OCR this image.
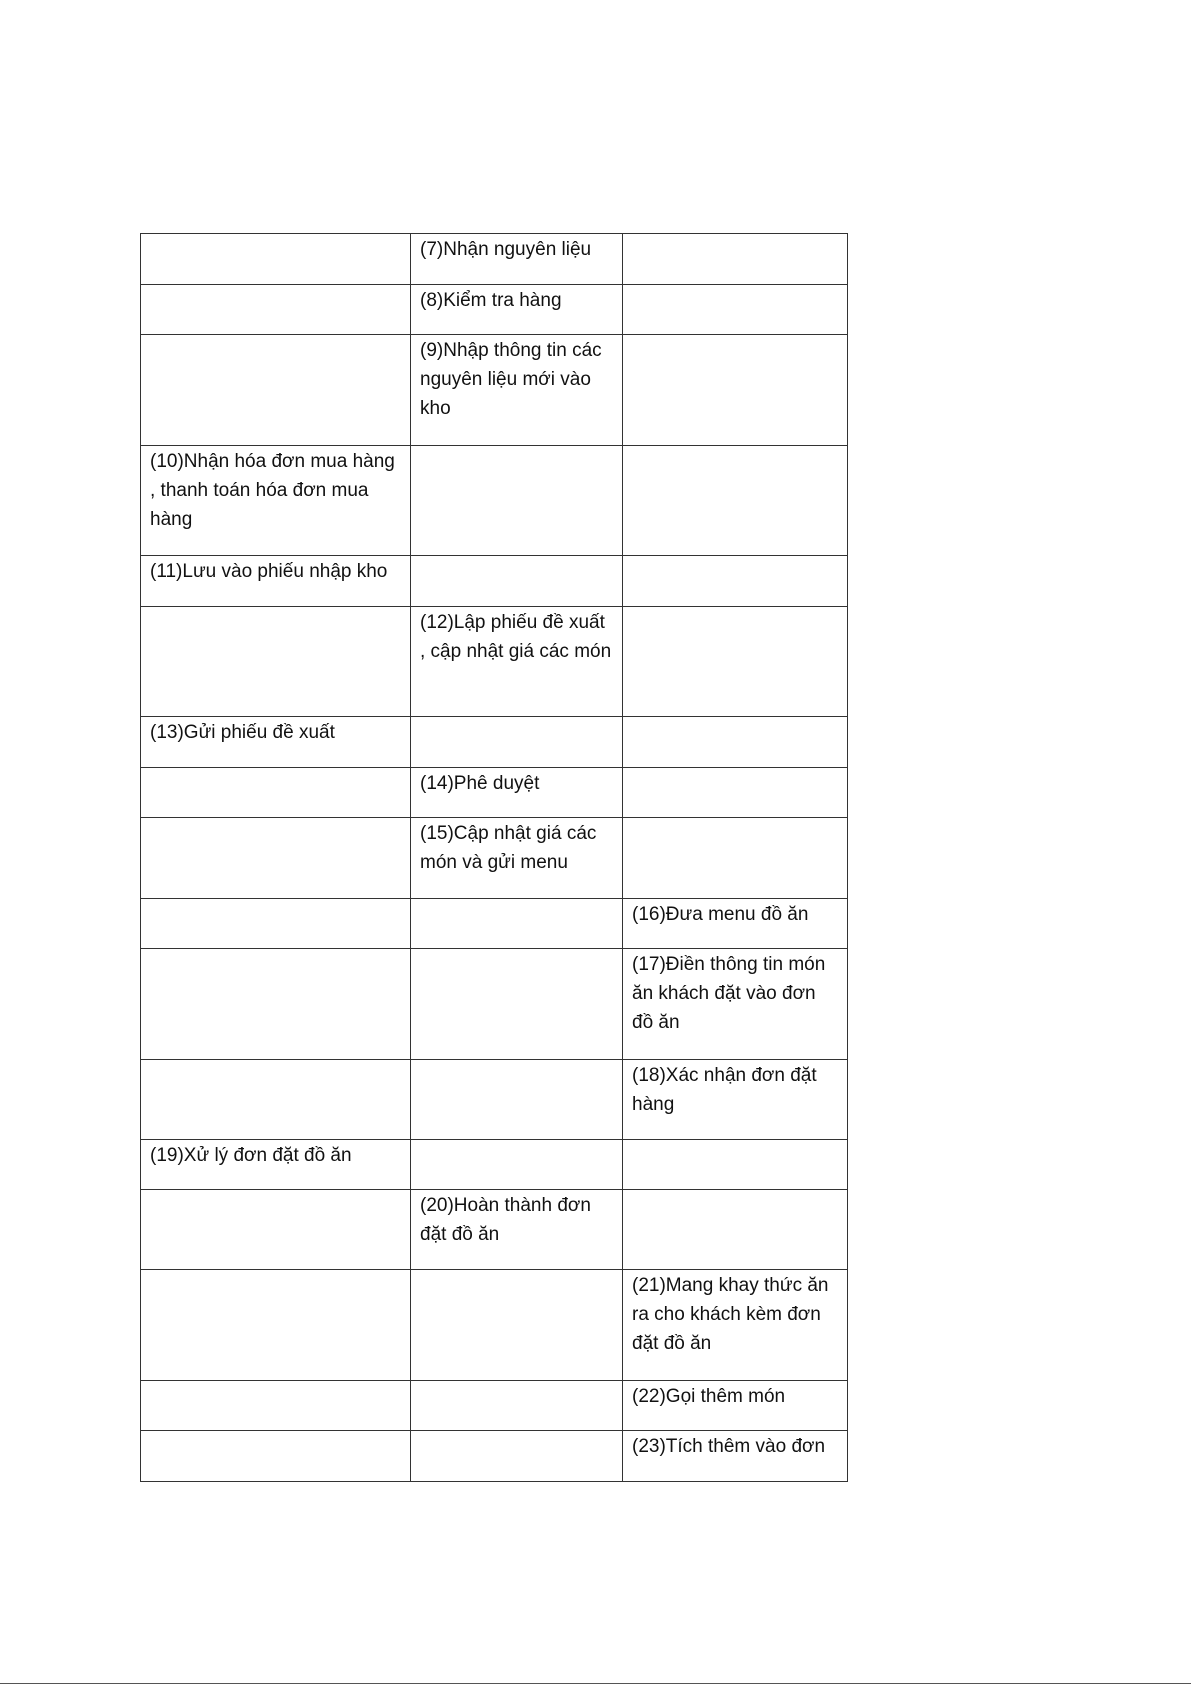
	(7)Nhận nguyên liệu	
	(8)Kiểm tra hàng	
	(9)Nhập thông tin các nguyên liệu mới vào kho	
(10)Nhận hóa đơn mua hàng , thanh toán hóa đơn mua hàng		
(11)Lưu vào phiếu nhập kho		
	(12)Lập phiếu đề xuất , cập nhật giá các món	
(13)Gửi phiếu đề xuất		
	(14)Phê duyệt	
	(15)Cập nhật giá các món và gửi menu	
		(16)Đưa menu đồ ăn
		(17)Điền thông tin món ăn khách đặt vào đơn đồ ăn
		(18)Xác nhận đơn đặt hàng
(19)Xử lý đơn đặt đồ ăn		
	(20)Hoàn thành đơn đặt đồ ăn	
		(21)Mang khay thức ăn ra cho khách kèm đơn đặt đồ ăn
		(22)Gọi thêm món
		(23)Tích thêm vào đơn
